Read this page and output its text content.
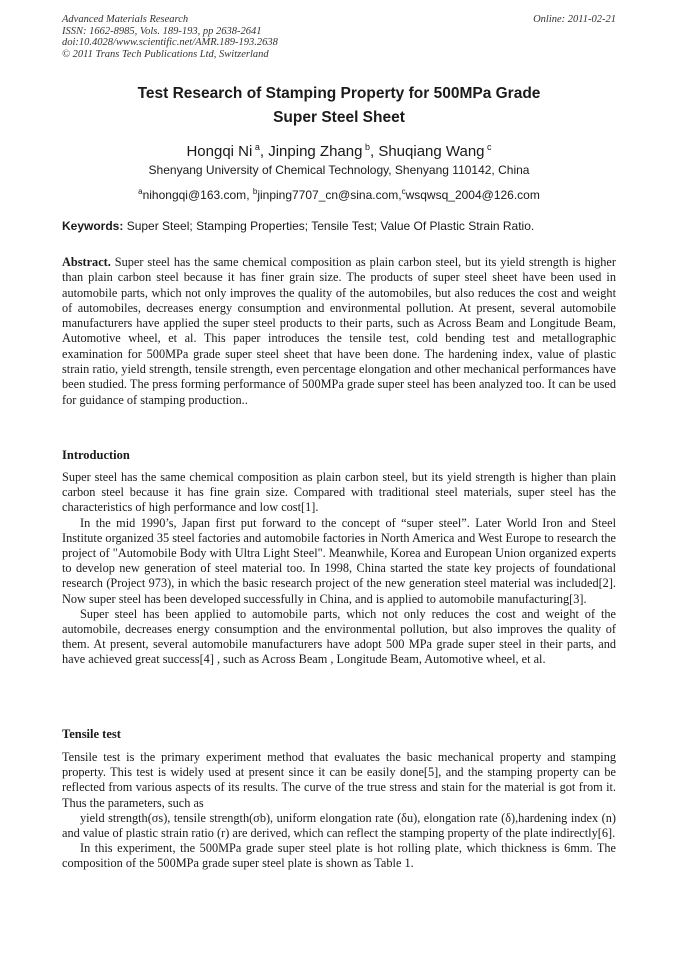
Advanced Materials Research
ISSN: 1662-8985, Vols. 189-193, pp 2638-2641
doi:10.4028/www.scientific.net/AMR.189-193.2638
© 2011 Trans Tech Publications Ltd, Switzerland
Online: 2011-02-21
Test Research of Stamping Property for 500MPa Grade
Super Steel Sheet
Hongqi Ni $^a$, Jinping Zhang $^b$, Shuqiang Wang $^c$
Shenyang University of Chemical Technology, Shenyang 110142, China
$^a$nihongqi@163.com, $^b$jinping7707_cn@sina.com,$^c$wsqwsq_2004@126.com
Keywords: Super Steel; Stamping Properties; Tensile Test; Value Of Plastic Strain Ratio.
Abstract. Super steel has the same chemical composition as plain carbon steel, but its yield strength is higher than plain carbon steel because it has finer grain size. The products of super steel sheet have been used in automobile parts, which not only improves the quality of the automobiles, but also reduces the cost and weight of automobiles, decreases energy consumption and environmental pollution. At present, several automobile manufacturers have applied the super steel products to their parts, such as Across Beam and Longitude Beam, Automotive wheel, et al. This paper introduces the tensile test, cold bending test and metallographic examination for 500MPa grade super steel sheet that have been done. The hardening index, value of plastic strain ratio, yield strength, tensile strength, even percentage elongation and other mechanical performances have been studied. The press forming performance of 500MPa grade super steel has been analyzed too. It can be used for guidance of stamping production..
Introduction

Super steel has the same chemical composition as plain carbon steel, but its yield strength is higher than plain carbon steel because it has fine grain size. Compared with traditional steel materials, super steel has the characteristics of high performance and low cost[1].

In the mid 1990’s, Japan first put forward to the concept of “super steel”. Later World Iron and Steel Institute organized 35 steel factories and automobile factories in North America and West Europe to research the project of "Automobile Body with Ultra Light Steel". Meanwhile, Korea and European Union organized experts to develop new generation of steel material too. In 1998, China started the state key projects of foundational research (Project 973), in which the basic research project of the new generation steel material was included[2]. Now super steel has been developed successfully in China, and is applied to automobile manufacturing[3].

Super steel has been applied to automobile parts, which not only reduces the cost and weight of the automobile, decreases energy consumption and the environmental pollution, but also improves the quality of them. At present, several automobile manufacturers have adopt 500 MPa grade super steel in their parts, and have achieved great success[4] , such as Across Beam , Longitude Beam, Automotive wheel, et al.

Tensile test

Tensile test is the primary experiment method that evaluates the basic mechanical property and stamping property. This test is widely used at present since it can be easily done[5], and the stamping property can be reflected from various aspects of its results. The curve of the true stress and stain for the material is got from it. Thus the parameters, such as

yield strength(σs), tensile strength(σb), uniform elongation rate (δu), elongation rate (δ),hardening index (n) and value of plastic strain ratio (r) are derived, which can reflect the stamping property of the plate indirectly[6].

In this experiment, the 500MPa grade super steel plate is hot rolling plate, which thickness is 6mm. The composition of the 500MPa grade super steel plate is shown as Table 1.
